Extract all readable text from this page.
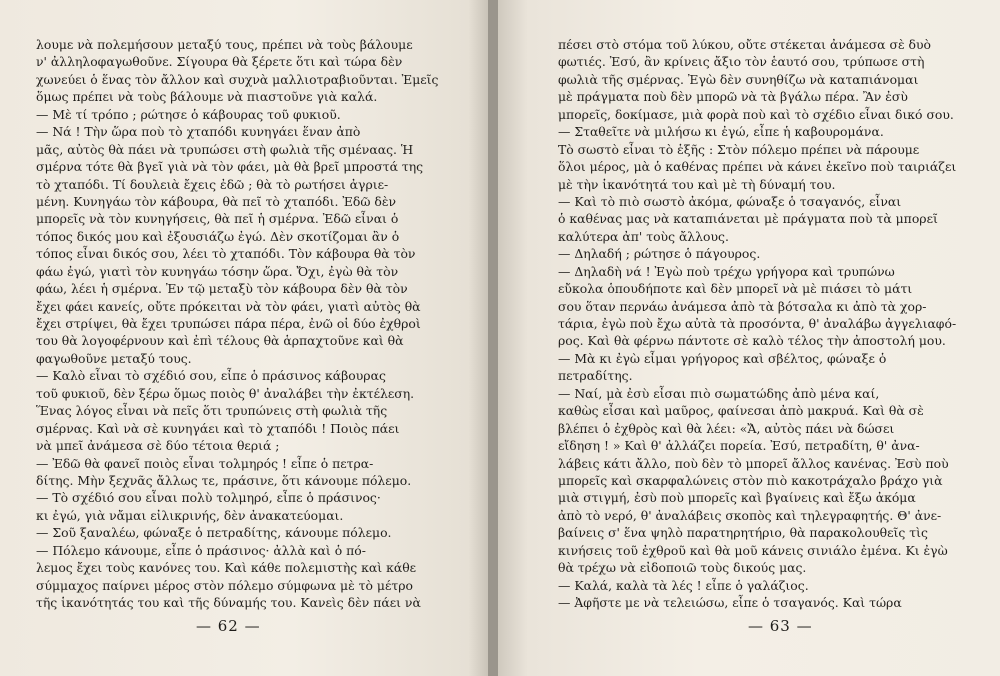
λουμε νὰ πολεμήσουν μεταξύ τους, πρέπει νὰ τοὺς βάλουμε
ν' ἀλληλοφαγωθοῦνε. Σίγουρα θὰ ξέρετε ὅτι καὶ τώρα δὲν
χωνεύει ὁ ἕνας τὸν ἄλλον καὶ συχνὰ μαλλιοτραβιοῦνται. Ἐμεῖς
ὅμως πρέπει νὰ τοὺς βάλουμε νὰ πιαστοῦνε γιὰ καλά.
— Μὲ τί τρόπο ; ρώτησε ὁ κάβουρας τοῦ φυκιοῦ.
— Νά ! Τὴν ὥρα ποὺ τὸ χταπόδι κυνηγάει ἕναν ἀπὸ
μᾶς, αὐτὸς θὰ πάει νὰ τρυπώσει στὴ φωλιὰ τῆς σμέναας. Ἡ
σμέρνα τότε θὰ βγεῖ γιὰ νὰ τὸν φάει, μὰ θὰ βρεῖ μπροστά της
τὸ χταπόδι. Τί δουλειὰ ἔχεις ἐδῶ ; θὰ τὸ ρωτήσει ἀγριε-
μένη. Κυνηγάω τὸν κάβουρα, θὰ πεῖ τὸ χταπόδι. Ἐδῶ δὲν
μπορεῖς νὰ τὸν κυνηγήσεις, θὰ πεῖ ἡ σμέρνα. Ἐδῶ εἶναι ὁ
τόπος δικός μου καὶ ἐξουσιάζω ἐγώ. Δὲν σκοτίζομαι ἂν ὁ
τόπος εἶναι δικός σου, λέει τὸ χταπόδι. Τὸν κάβουρα θὰ τὸν
φάω ἐγώ, γιατὶ τὸν κυνηγάω τόσην ὥρα. Ὄχι, ἐγὼ θὰ τὸν
φάω, λέει ἡ σμέρνα. Ἐν τῷ μεταξὺ τὸν κάβουρα δὲν θὰ τὸν
ἔχει φάει κανείς, οὔτε πρόκειται νὰ τὸν φάει, γιατὶ αὐτὸς θὰ
ἔχει στρίψει, θὰ ἔχει τρυπώσει πάρα πέρα, ἐνῶ οἱ δύο ἐχθροὶ
του θὰ λογοφέρνουν καὶ ἐπὶ τέλους θὰ ἁρπαχτοῦνε καὶ θὰ
φαγωθοῦνε μεταξύ τους.
— Καλὸ εἶναι τὸ σχέδιό σου, εἶπε ὁ πράσινος κάβουρας
τοῦ φυκιοῦ, δὲν ξέρω ὅμως ποιὸς θ' ἀναλάβει τὴν ἐκτέλεση.
Ἕνας λόγος εἶναι νὰ πεῖς ὅτι τρυπώνεις στὴ φωλιὰ τῆς
σμέρνας. Καὶ νὰ σὲ κυνηγάει καὶ τὸ χταπόδι ! Ποιὸς πάει
νὰ μπεῖ ἀνάμεσα σὲ δύο τέτοια θεριά ;
— Ἐδῶ θὰ φανεῖ ποιὸς εἶναι τολμηρός ! εἶπε ὁ πετρα-
δίτης. Μὴν ξεχνᾶς ἄλλως τε, πράσινε, ὅτι κάνουμε πόλεμο.
— Τὸ σχέδιό σου εἶναι πολὺ τολμηρό, εἶπε ὁ πράσινος·
κι ἐγώ, γιὰ νἄμαι εἰλικρινής, δὲν ἀνακατεύομαι.
— Σοῦ ξαναλέω, φώναξε ὁ πετραδίτης, κάνουμε πόλεμο.
— Πόλεμο κάνουμε, εἶπε ὁ πράσινος· ἀλλὰ καὶ ὁ πό-
λεμος ἔχει τοὺς κανόνες του. Καὶ κάθε πολεμιστὴς καὶ κάθε
σύμμαχος παίρνει μέρος στὸν πόλεμο σύμφωνα μὲ τὸ μέτρο
τῆς ἱκανότητάς του καὶ τῆς δύναμής του. Κανεὶς δὲν πάει νὰ
— 62 —
πέσει στὸ στόμα τοῦ λύκου, οὔτε στέκεται ἀνάμεσα σὲ δυὸ
φωτιές. Ἐσύ, ἂν κρίνεις ἄξιο τὸν ἑαυτό σου, τρύπωσε στὴ
φωλιὰ τῆς σμέρνας. Ἐγὼ δὲν συνηθίζω νὰ καταπιάνομαι
μὲ πράγματα ποὺ δὲν μπορῶ νὰ τὰ βγάλω πέρα. Ἂν ἐσὺ
μπορεῖς, δοκίμασε, μιὰ φορὰ ποὺ καὶ τὸ σχέδιο εἶναι δικό σου.
— Σταθεῖτε νὰ μιλήσω κι ἐγώ, εἶπε ἡ καβουρομάνα.
Τὸ σωστὸ εἶναι τὸ ἑξῆς : Στὸν πόλεμο πρέπει νὰ πάρουμε
ὅλοι μέρος, μὰ ὁ καθένας πρέπει νὰ κάνει ἐκεῖνο ποὺ ταιριάζει
μὲ τὴν ἱκανότητά του καὶ μὲ τὴ δύναμή του.
— Καὶ τὸ πιὸ σωστὸ ἀκόμα, φώναξε ὁ τσαγανός, εἶναι
ὁ καθένας μας νὰ καταπιάνεται μὲ πράγματα ποὺ τὰ μπορεῖ
καλύτερα ἀπ' τοὺς ἄλλους.
— Δηλαδή ; ρώτησε ὁ πάγουρος.
— Δηλαδὴ νά ! Ἐγὼ ποὺ τρέχω γρήγορα καὶ τρυπώνω
εὔκολα ὁπουδήποτε καὶ δὲν μπορεῖ νὰ μὲ πιάσει τὸ μάτι
σου ὅταν περνάω ἀνάμεσα ἀπὸ τὰ βότσαλα κι ἀπὸ τὰ χορ-
τάρια, ἐγὼ ποὺ ἔχω αὐτὰ τὰ προσόντα, θ' ἀναλάβω ἀγγελιαφό-
ρος. Καὶ θὰ φέρνω πάντοτε σὲ καλὸ τέλος τὴν ἀποστολή μου.
— Μὰ κι ἐγὼ εἶμαι γρήγορος καὶ σβέλτος, φώναξε ὁ
πετραδίτης.
— Ναί, μὰ ἐσὺ εἶσαι πιὸ σωματώδης ἀπὸ μένα καί,
καθὼς εἶσαι καὶ μαῦρος, φαίνεσαι ἀπὸ μακρυά. Καὶ θὰ σὲ
βλέπει ὁ ἐχθρὸς καὶ θὰ λέει: «Ἄ, αὐτὸς πάει νὰ δώσει
εἴδηση ! » Καὶ θ' ἀλλάζει πορεία. Ἐσύ, πετραδίτη, θ' ἀνα-
λάβεις κάτι ἄλλο, ποὺ δὲν τὸ μπορεῖ ἄλλος κανένας. Ἐσὺ ποὺ
μπορεῖς καὶ σκαρφαλώνεις στὸν πιὸ κακοτράχαλο βράχο γιὰ
μιὰ στιγμή, ἐσὺ ποὺ μπορεῖς καὶ βγαίνεις καὶ ἔξω ἀκόμα
ἀπὸ τὸ νερό, θ' ἀναλάβεις σκοπὸς καὶ τηλεγραφητής. Θ' ἀνε-
βαίνεις σ' ἕνα ψηλὸ παρατηρητήριο, θὰ παρακολουθεῖς τὶς
κινήσεις τοῦ ἐχθροῦ καὶ θὰ μοῦ κάνεις σινιάλο ἐμένα. Κι ἐγὼ
θὰ τρέχω νὰ εἰδοποιῶ τοὺς δικούς μας.
— Καλά, καλὰ τὰ λές ! εἶπε ὁ γαλάζιος.
— Ἀφῆστε με νὰ τελειώσω, εἶπε ὁ τσαγανός. Καὶ τώρα
— 63 —
